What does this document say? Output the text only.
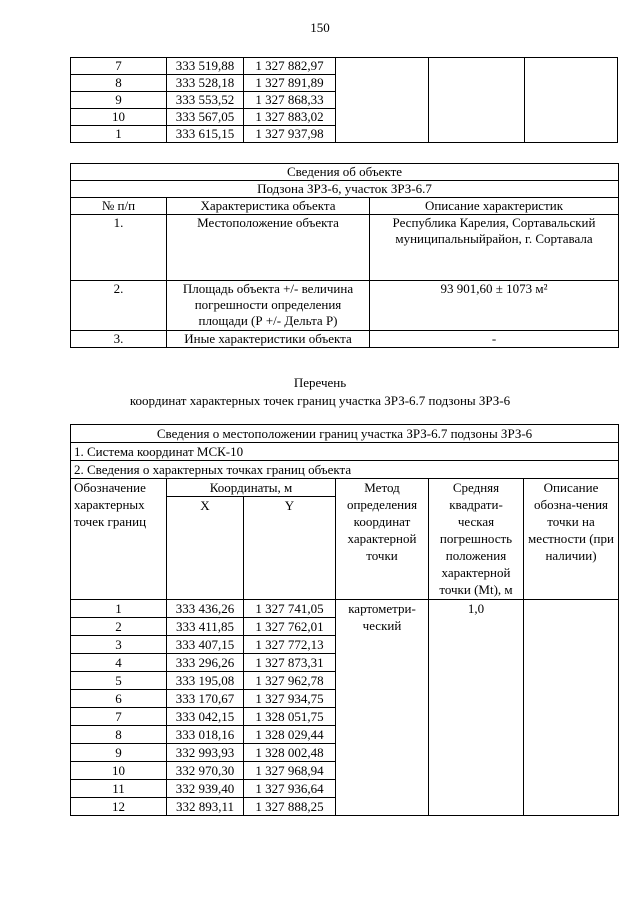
150
7	333 519,88	1 327 882,97			
8	333 528,18	1 327 891,89			
9	333 553,52	1 327 868,33			
10	333 567,05	1 327 883,02			
1	333 615,15	1 327 937,98			
Сведения об объекте		
Подзона ЗРЗ-6, участок ЗРЗ-6.7		
№ п/п	Характеристика объекта	Описание характеристик
1.	Местоположение объекта	Республика Карелия, Сортавальский муниципальныйрайон, г. Сортавала
2.	Площадь объекта +/- величина погрешности определения площади (Р +/- Дельта Р)	93 901,60 ± 1073 м²
3.	Иные характеристики объекта	-
Перечень
координат характерных точек границ участка ЗРЗ-6.7 подзоны ЗРЗ-6
Сведения о местоположении границ участка ЗРЗ-6.7 подзоны ЗРЗ-6					
1. Система координат МСК-10					
2. Сведения о характерных точках границ объекта					
Обозначение характерных точек границ	Координаты, м		Метод определения координат характерной точки	Средняя квадрати-ческая погрешность положения характерной точки (Мt), м	Описание обозна-чения точки на местности (при наличии)
	X	Y			
1	333 436,26	1 327 741,05	картометри-ческий	1,0	
2	333 411,85	1 327 762,01			
3	333 407,15	1 327 772,13			
4	333 296,26	1 327 873,31			
5	333 195,08	1 327 962,78			
6	333 170,67	1 327 934,75			
7	333 042,15	1 328 051,75			
8	333 018,16	1 328 029,44			
9	332 993,93	1 328 002,48			
10	332 970,30	1 327 968,94			
11	332 939,40	1 327 936,64			
12	332 893,11	1 327 888,25			
